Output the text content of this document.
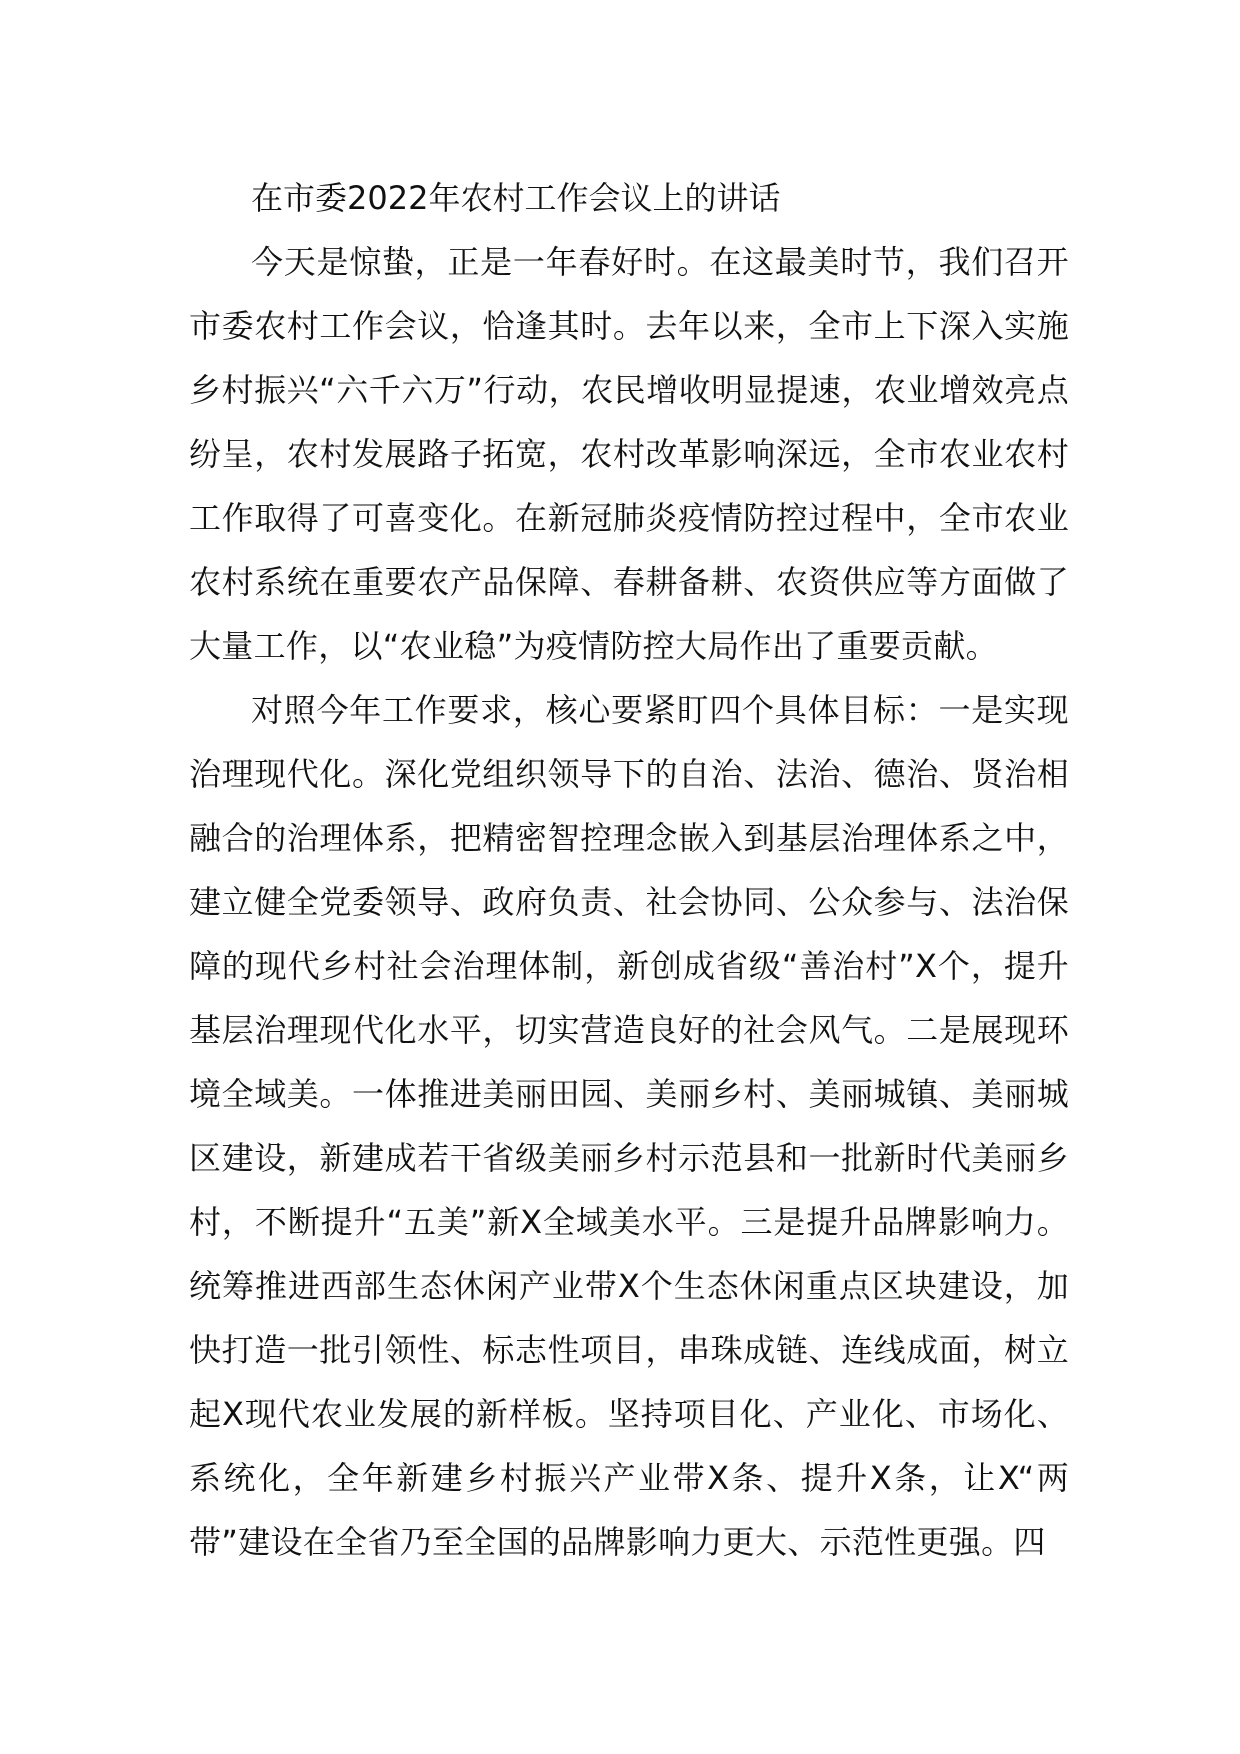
在市委2022年农村工作会议上的讲话

今天是惊蛰，正是一年春好时。在这最美时节，我们召开市委农村工作会议，恰逢其时。去年以来，全市上下深入实施乡村振兴“六千六万”行动，农民增收明显提速，农业增效亮点纷呈，农村发展路子拓宽，农村改革影响深远，全市农业农村工作取得了可喜变化。在新冠肺炎疫情防控过程中，全市农业农村系统在重要农产品保障、春耕备耕、农资供应等方面做了大量工作，以“农业稳”为疫情防控大局作出了重要贡献。

对照今年工作要求，核心要紧盯四个具体目标：一是实现治理现代化。深化党组织领导下的自治、法治、德治、贤治相融合的治理体系，把精密智控理念嵌入到基层治理体系之中，建立健全党委领导、政府负责、社会协同、公众参与、法治保障的现代乡村社会治理体制，新创成省级“善治村”X个，提升基层治理现代化水平，切实营造良好的社会风气。二是展现环境全域美。一体推进美丽田园、美丽乡村、美丽城镇、美丽城区建设，新建成若干省级美丽乡村示范县和一批新时代美丽乡村，不断提升“五美”新X全域美水平。三是提升品牌影响力。统筹推进西部生态休闲产业带X个生态休闲重点区块建设，加快打造一批引领性、标志性项目，串珠成链、连线成面，树立起X现代农业发展的新样板。坚持项目化、产业化、市场化、系统化，全年新建乡村振兴产业带X条、提升X条，让X“两带”建设在全省乃至全国的品牌影响力更大、示范性更强。四
